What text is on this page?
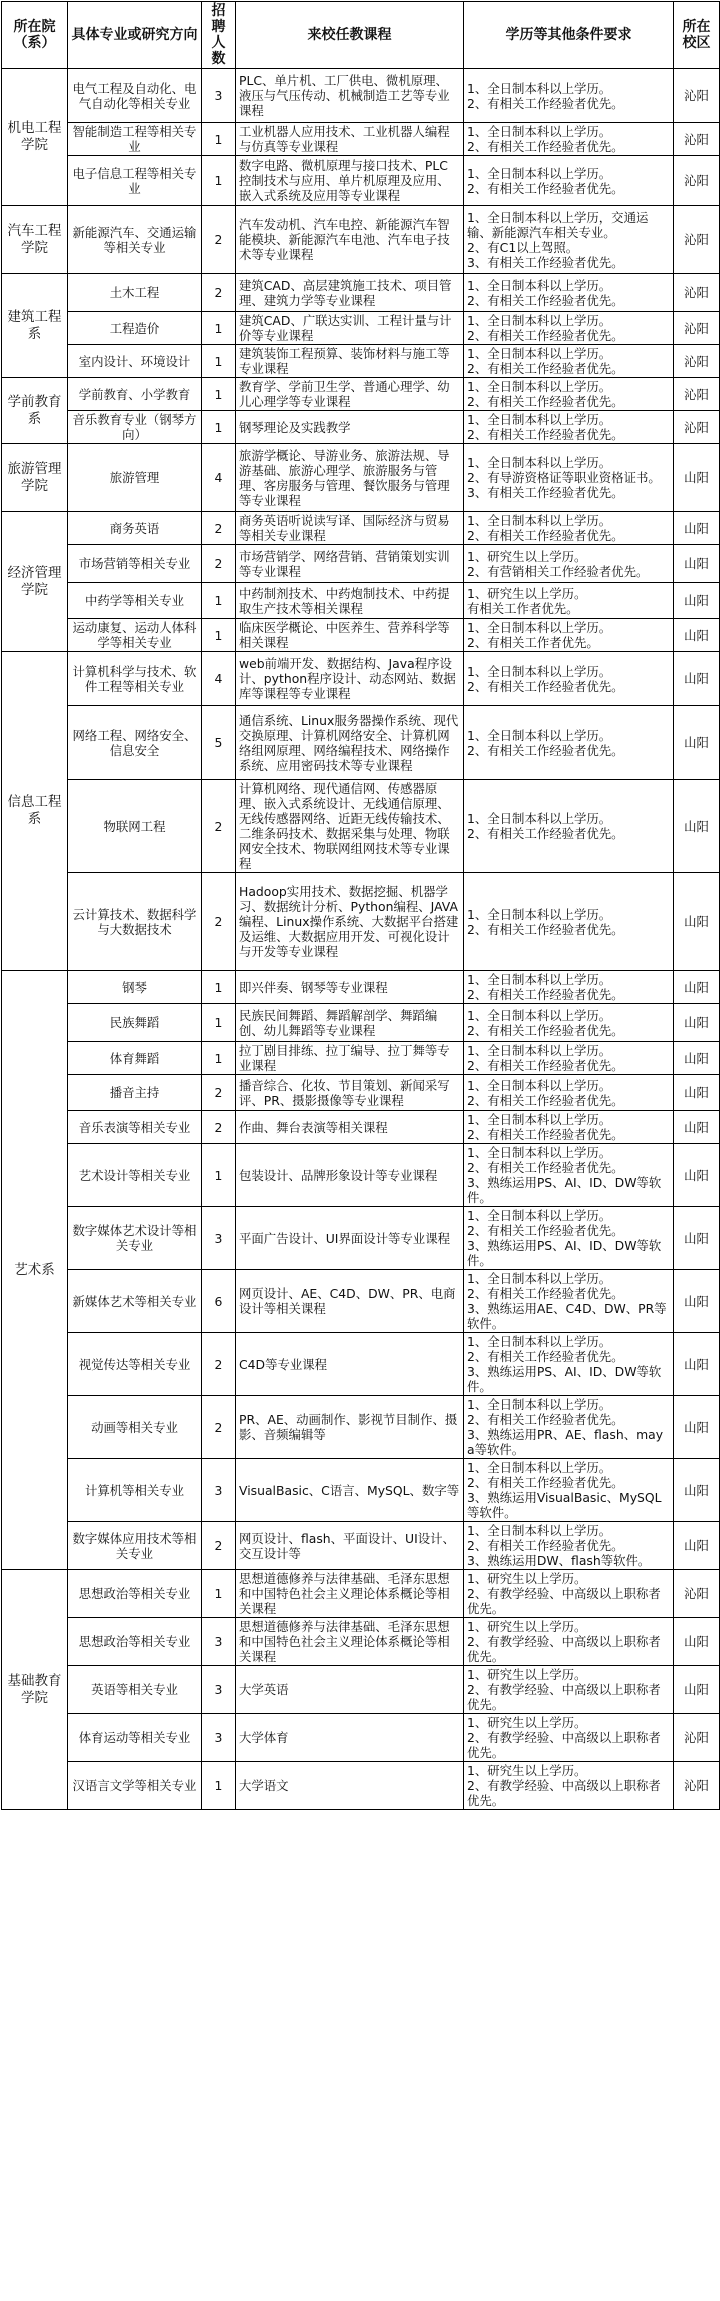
所在院（系）	具体专业或研究方向	招聘人数	来校任教课程	学历等其他条件要求	所在校区
机电工程学院	电气工程及自动化、电气自动化等相关专业	3	PLC、单片机、工厂供电、微机原理、液压与气压传动、机械制造工艺等专业课程	1、全日制本科以上学历。
2、有相关工作经验者优先。	沁阳
	智能制造工程等相关专业	1	工业机器人应用技术、工业机器人编程与仿真等专业课程	1、全日制本科以上学历。
2、有相关工作经验者优先。	沁阳
	电子信息工程等相关专业	1	数字电路、微机原理与接口技术、PLC控制技术与应用、单片机原理及应用、嵌入式系统及应用等专业课程	1、全日制本科以上学历。
2、有相关工作经验者优先。	沁阳
汽车工程学院	新能源汽车、交通运输等相关专业	2	汽车发动机、汽车电控、新能源汽车智能模块、新能源汽车电池、汽车电子技术等专业课程	1、全日制本科以上学历，交通运输、新能源汽车相关专业。
2、有C1以上驾照。
3、有相关工作经验者优先。	沁阳
建筑工程系	土木工程	2	建筑CAD、高层建筑施工技术、项目管理、建筑力学等专业课程	1、全日制本科以上学历。
2、有相关工作经验者优先。	沁阳
	工程造价	1	建筑CAD、广联达实训、工程计量与计价等专业课程	1、全日制本科以上学历。
2、有相关工作经验者优先。	沁阳
	室内设计、环境设计	1	建筑装饰工程预算、装饰材料与施工等专业课程	1、全日制本科以上学历。
2、有相关工作经验者优先。	沁阳
学前教育系	学前教育、小学教育	1	教育学、学前卫生学、普通心理学、幼儿心理学等专业课程	1、全日制本科以上学历。
2、有相关工作经验者优先。	沁阳
	音乐教育专业（钢琴方向）	1	钢琴理论及实践教学	1、全日制本科以上学历。
2、有相关工作经验者优先。	沁阳
旅游管理学院	旅游管理	4	旅游学概论、导游业务、旅游法规、导游基础、旅游心理学、旅游服务与管理、客房服务与管理、餐饮服务与管理等专业课程	1、全日制本科以上学历。
2、有导游资格证等职业资格证书。
3、有相关工作经验者优先。	山阳
经济管理学院	商务英语	2	商务英语听说读写译、国际经济与贸易等相关专业课程	1、全日制本科以上学历。
2、有相关工作经验者优先。	山阳
	市场营销等相关专业	2	市场营销学、网络营销、营销策划实训等专业课程	1、研究生以上学历。
2、有营销相关工作经验者优先。	山阳
	中药学等相关专业	1	中药制剂技术、中药炮制技术、中药提取生产技术等相关课程	1、研究生以上学历。
有相关工作者优先。	山阳
	运动康复、运动人体科学等相关专业	1	临床医学概论、中医养生、营养科学等相关课程	1、全日制本科以上学历。
2、有相关工作者优先。	山阳
信息工程系	计算机科学与技术、软件工程等相关专业	4	web前端开发、数据结构、Java程序设计、python程序设计、动态网站、数据库等课程等专业课程	1、全日制本科以上学历。
2、有相关工作经验者优先。	山阳
	网络工程、网络安全、信息安全	5	通信系统、Linux服务器操作系统、现代交换原理、计算机网络安全、计算机网络组网原理、网络编程技术、网络操作系统、应用密码技术等专业课程	1、全日制本科以上学历。
2、有相关工作经验者优先。	山阳
	物联网工程	2	计算机网络、现代通信网、传感器原理、嵌入式系统设计、无线通信原理、无线传感器网络、近距无线传输技术、二维条码技术、数据采集与处理、物联网安全技术、物联网组网技术等专业课程	1、全日制本科以上学历。
2、有相关工作经验者优先。	山阳
	云计算技术、数据科学与大数据技术	2	Hadoop实用技术、数据挖掘、机器学习、数据统计分析、Python编程、JAVA编程、Linux操作系统、大数据平台搭建及运维、大数据应用开发、可视化设计与开发等专业课程	1、全日制本科以上学历。
2、有相关工作经验者优先。	山阳
艺术系	钢琴	1	即兴伴奏、钢琴等专业课程	1、全日制本科以上学历。
2、有相关工作经验者优先。	山阳
	民族舞蹈	1	民族民间舞蹈、舞蹈解剖学、舞蹈编创、幼儿舞蹈等专业课程	1、全日制本科以上学历。
2、有相关工作经验者优先。	山阳
	体育舞蹈	1	拉丁剧目排练、拉丁编导、拉丁舞等专业课程	1、全日制本科以上学历。
2、有相关工作经验者优先。	山阳
	播音主持	2	播音综合、化妆、节目策划、新闻采写评、PR、摄影摄像等专业课程	1、全日制本科以上学历。
2、有相关工作经验者优先。	山阳
	音乐表演等相关专业	2	作曲、舞台表演等相关课程	1、全日制本科以上学历。
2、有相关工作经验者优先。	山阳
	艺术设计等相关专业	1	包装设计、品牌形象设计等专业课程	1、全日制本科以上学历。
2、有相关工作经验者优先。
3、熟练运用PS、AI、ID、DW等软件。	山阳
	数字媒体艺术设计等相关专业	3	平面广告设计、UI界面设计等专业课程	1、全日制本科以上学历。
2、有相关工作经验者优先。
3、熟练运用PS、AI、ID、DW等软件。	山阳
	新媒体艺术等相关专业	6	网页设计、AE、C4D、DW、PR、电商设计等相关课程	1、全日制本科以上学历。
2、有相关工作经验者优先。
3、熟练运用AE、C4D、DW、PR等软件。	山阳
	视觉传达等相关专业	2	C4D等专业课程	1、全日制本科以上学历。
2、有相关工作经验者优先。
3、熟练运用PS、AI、ID、DW等软件。	山阳
	动画等相关专业	2	PR、AE、动画制作、影视节目制作、摄影、音频编辑等	1、全日制本科以上学历。
2、有相关工作经验者优先。
3、熟练运用PR、AE、flash、maya等软件。	山阳
	计算机等相关专业	3	VisualBasic、C语言、MySQL、数字等	1、全日制本科以上学历。
2、有相关工作经验者优先。
3、熟练运用VisualBasic、MySQL等软件。	山阳
	数字媒体应用技术等相关专业	2	网页设计、flash、平面设计、UI设计、交互设计等	1、全日制本科以上学历。
2、有相关工作经验者优先。
3、熟练运用DW、flash等软件。	山阳
基础教育学院	思想政治等相关专业	1	思想道德修养与法律基础、毛泽东思想和中国特色社会主义理论体系概论等相关课程	1、研究生以上学历。
2、有教学经验、中高级以上职称者优先。	沁阳
	思想政治等相关专业	3	思想道德修养与法律基础、毛泽东思想和中国特色社会主义理论体系概论等相关课程	1、研究生以上学历。
2、有教学经验、中高级以上职称者优先。	山阳
	英语等相关专业	3	大学英语	1、研究生以上学历。
2、有教学经验、中高级以上职称者优先。	山阳
	体育运动等相关专业	3	大学体育	1、研究生以上学历。
2、有教学经验、中高级以上职称者优先。	沁阳
	汉语言文学等相关专业	1	大学语文	1、研究生以上学历。
2、有教学经验、中高级以上职称者优先。	沁阳
